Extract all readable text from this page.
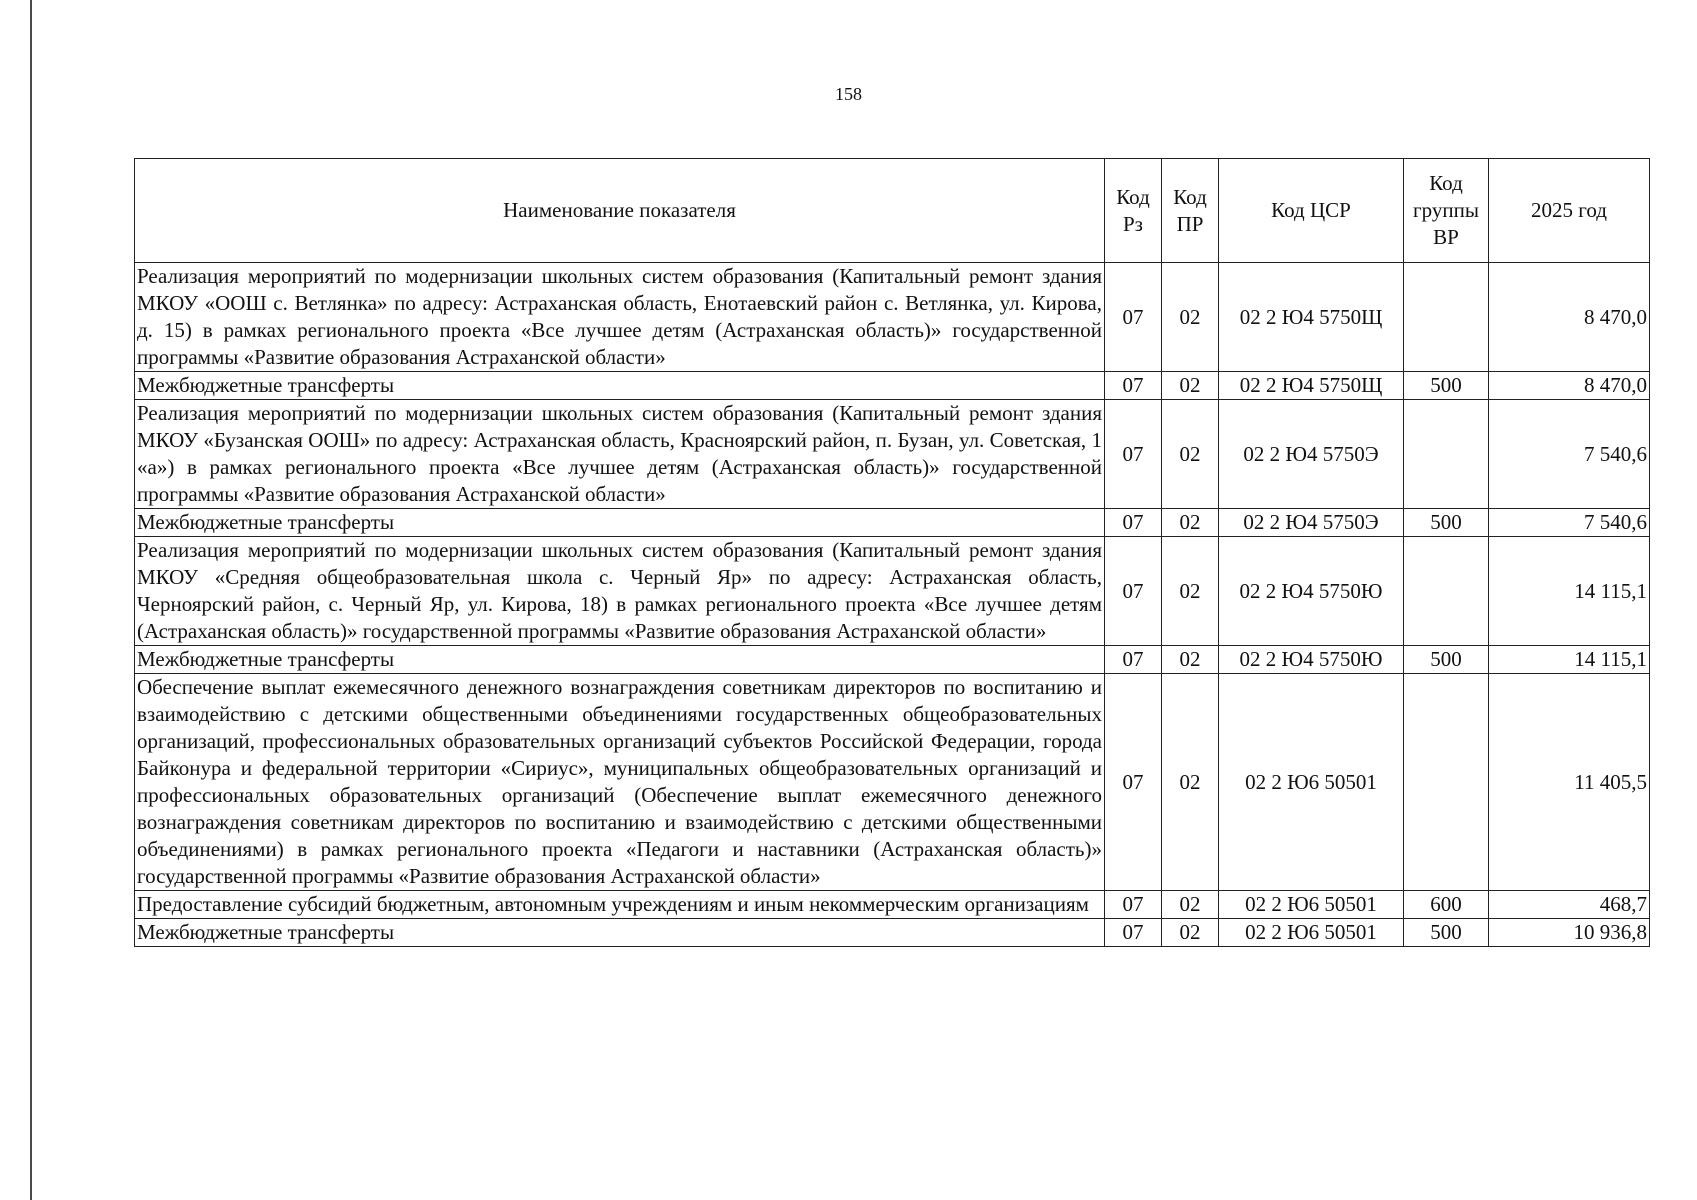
158
Наименование показателя	Код Рз	Код ПР	Код ЦСР	Код группы ВР	2025 год
Реализация мероприятий по модернизации школьных систем образования (Капитальный ремонт здания МКОУ «ООШ с. Ветлянка» по адресу: Астраханская область, Енотаевский район с. Ветлянка, ул. Кирова, д. 15) в рамках регионального проекта «Все лучшее детям (Астраханская область)» государственной программы «Развитие образования Астраханской области»	07	02	02 2 Ю4 5750Щ		8 470,0
Межбюджетные трансферты	07	02	02 2 Ю4 5750Щ	500	8 470,0
Реализация мероприятий по модернизации школьных систем образования (Капитальный ремонт здания МКОУ «Бузанская ООШ» по адресу: Астраханская область, Красноярский район, п. Бузан, ул. Советская, 1 «а») в рамках регионального проекта «Все лучшее детям (Астраханская область)» государственной программы «Развитие образования Астраханской области»	07	02	02 2 Ю4 5750Э		7 540,6
Межбюджетные трансферты	07	02	02 2 Ю4 5750Э	500	7 540,6
Реализация мероприятий по модернизации школьных систем образования (Капитальный ремонт здания МКОУ «Средняя общеобразовательная школа с. Черный Яр» по адресу: Астраханская область, Черноярский район, с. Черный Яр, ул. Кирова, 18) в рамках регионального проекта «Все лучшее детям (Астраханская область)» государственной программы «Развитие образования Астраханской области»	07	02	02 2 Ю4 5750Ю		14 115,1
Межбюджетные трансферты	07	02	02 2 Ю4 5750Ю	500	14 115,1
Обеспечение выплат ежемесячного денежного вознаграждения советникам директоров по воспитанию и взаимодействию с детскими общественными объединениями государственных общеобразовательных организаций, профессиональных образовательных организаций субъектов Российской Федерации, города Байконура и федеральной территории «Сириус», муниципальных общеобразовательных организаций и профессиональных образовательных организаций (Обеспечение выплат ежемесячного денежного вознаграждения советникам директоров по воспитанию и взаимодействию с детскими общественными объединениями) в рамках регионального проекта «Педагоги и наставники (Астраханская область)» государственной программы «Развитие образования Астраханской области»	07	02	02 2 Ю6 50501		11 405,5
Предоставление субсидий бюджетным, автономным учреждениям и иным некоммерческим организациям	07	02	02 2 Ю6 50501	600	468,7
Межбюджетные трансферты	07	02	02 2 Ю6 50501	500	10 936,8
